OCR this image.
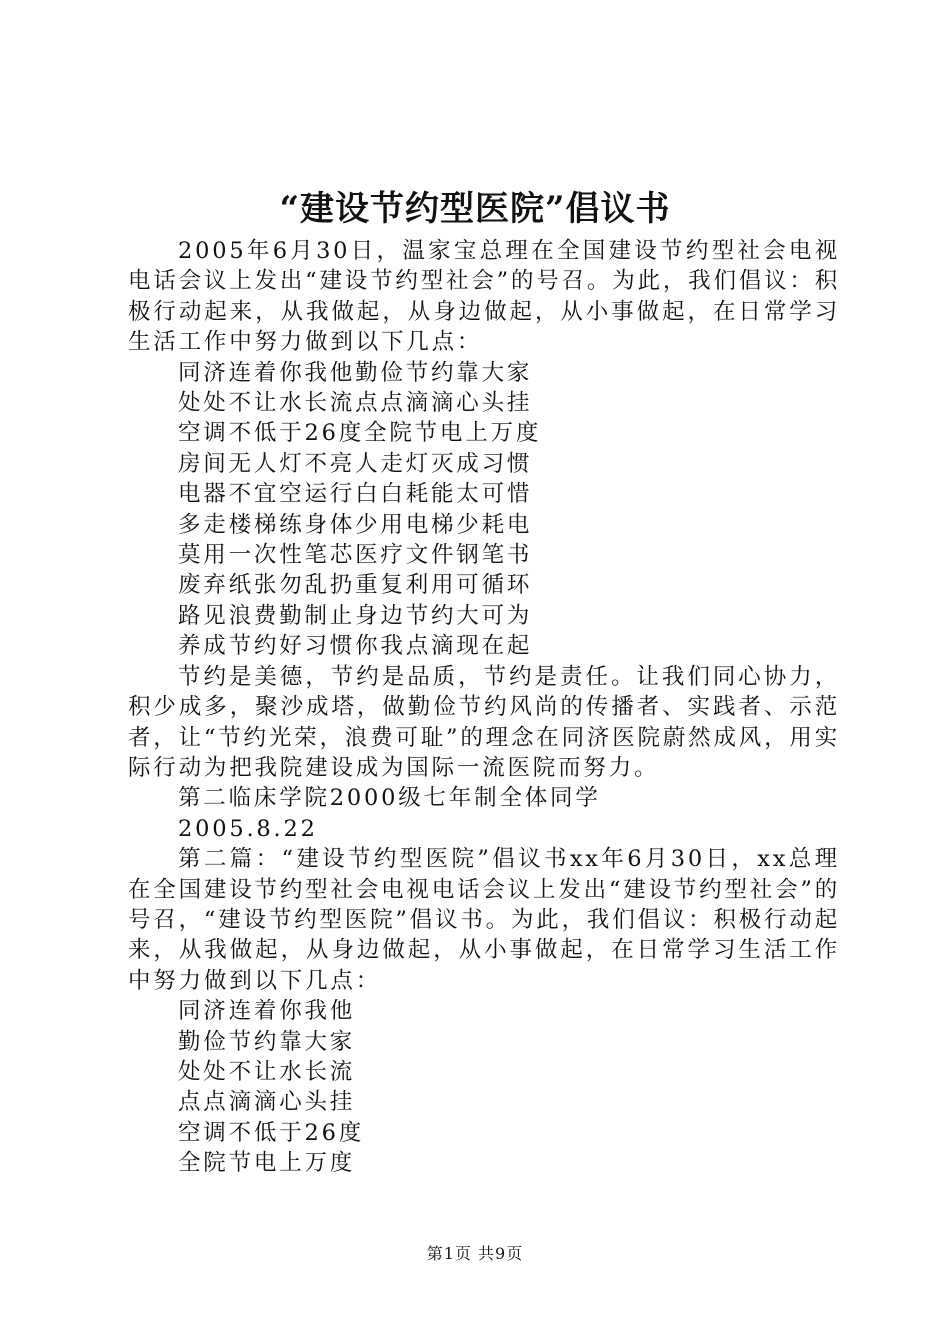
“建设节约型医院”倡议书

2005年6月30日，温家宝总理在全国建设节约型社会电视电话会议上发出“建设节约型社会”的号召。为此，我们倡议：积极行动起来，从我做起，从身边做起，从小事做起，在日常学习生活工作中努力做到以下几点：

同济连着你我他勤俭节约靠大家

处处不让水长流点点滴滴心头挂

空调不低于26度全院节电上万度

房间无人灯不亮人走灯灭成习惯

电器不宜空运行白白耗能太可惜

多走楼梯练身体少用电梯少耗电

莫用一次性笔芯医疗文件钢笔书

废弃纸张勿乱扔重复利用可循环

路见浪费勤制止身边节约大可为

养成节约好习惯你我点滴现在起

节约是美德，节约是品质，节约是责任。让我们同心协力，积少成多，聚沙成塔，做勤俭节约风尚的传播者、实践者、示范者，让“节约光荣，浪费可耻”的理念在同济医院蔚然成风，用实际行动为把我院建设成为国际一流医院而努力。

第二临床学院2000级七年制全体同学

2005.8.22

第二篇：“建设节约型医院”倡议书xx年6月30日，xx总理在全国建设节约型社会电视电话会议上发出“建设节约型社会”的号召，“建设节约型医院”倡议书。为此，我们倡议：积极行动起来，从我做起，从身边做起，从小事做起，在日常学习生活工作中努力做到以下几点：

同济连着你我他

勤俭节约靠大家

处处不让水长流

点点滴滴心头挂

空调不低于26度

全院节电上万度

第1页 共9页
